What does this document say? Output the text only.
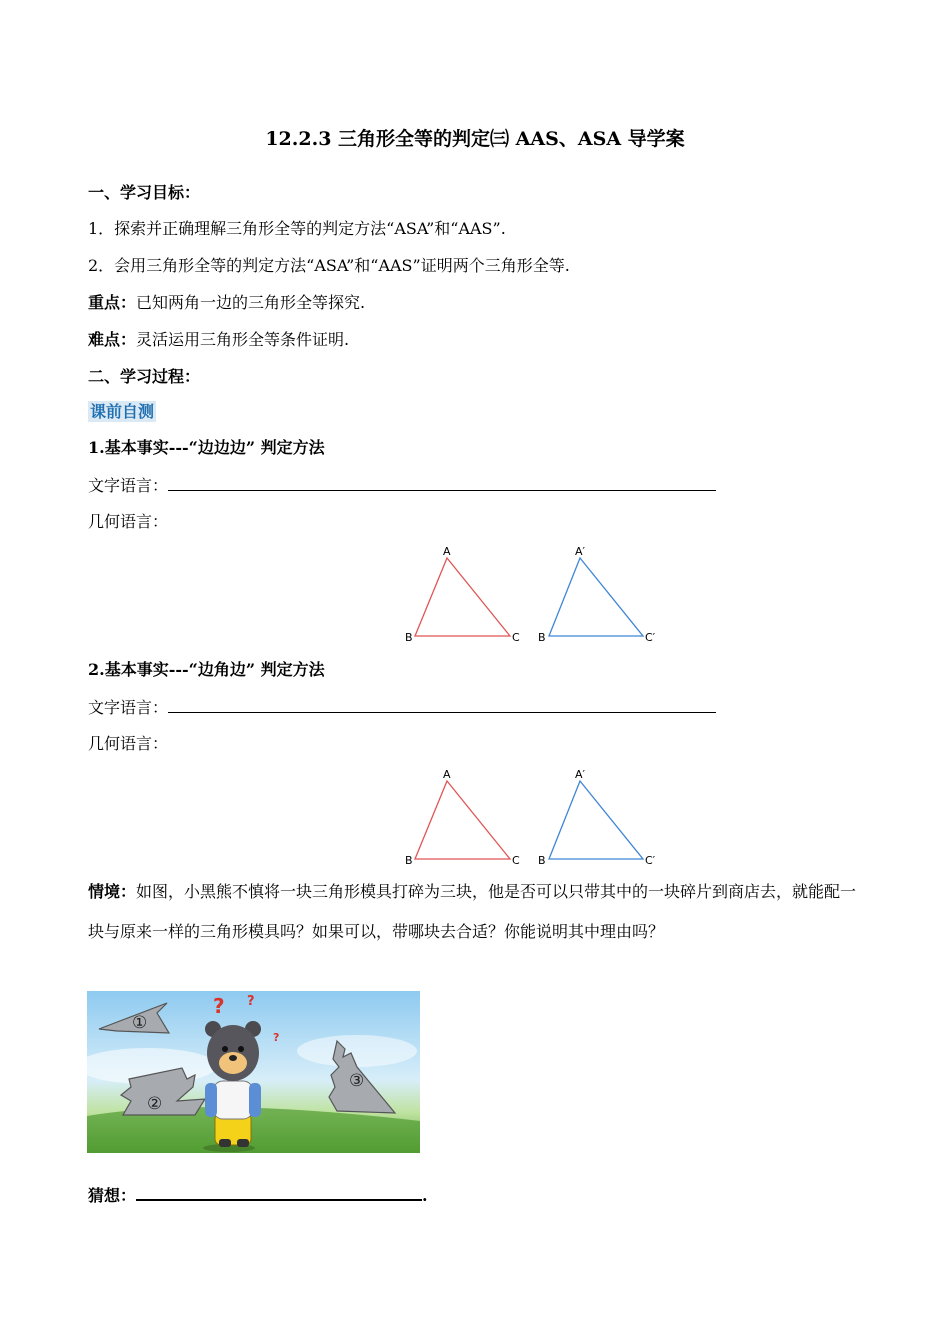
12.2.3 三角形全等的判定㈢ AAS、ASA 导学案
一、学习目标：
1．探索并正确理解三角形全等的判定方法“ASA”和“AAS”.
2．会用三角形全等的判定方法“ASA”和“AAS”证明两个三角形全等.
重点：已知两角一边的三角形全等探究.
难点：灵活运用三角形全等条件证明.
二、学习过程：
课前自测
1.基本事实---“边边边” 判定方法
文字语言：
几何语言：
A
B	C
A′
B	C′
2.基本事实---“边角边” 判定方法
文字语言：
几何语言：
A
B	C
A′
B	C′
情境：如图，小黑熊不慎将一块三角形模具打碎为三块，他是否可以只带其中的一块碎片到商店去，就能配一块与原来一样的三角形模具吗？如果可以，带哪块去合适？你能说明其中理由吗？
①
②
③
? ?
?
猜想：	.
